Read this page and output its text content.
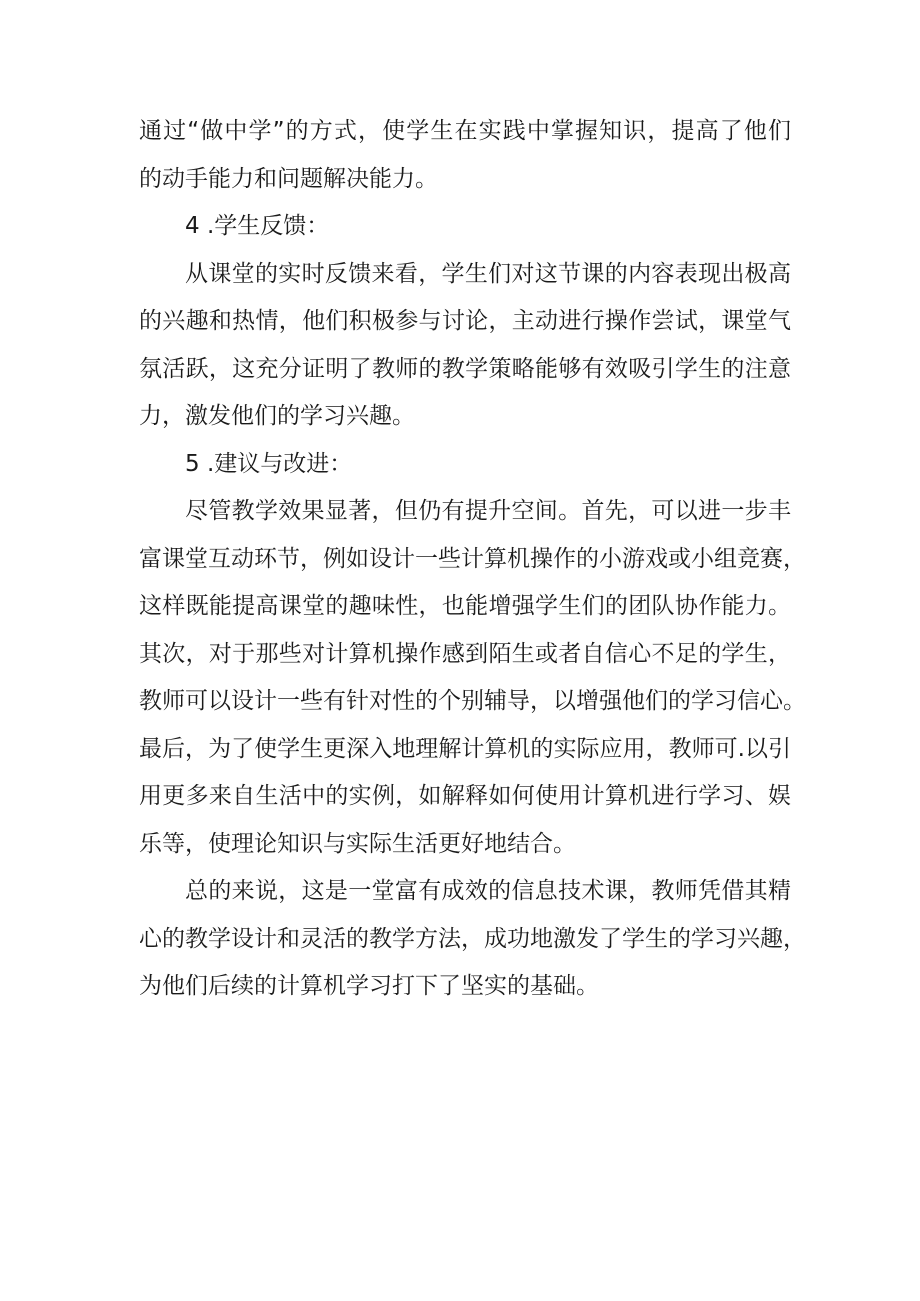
通过“做中学”的方式，使学生在实践中掌握知识，提高了他们
的动手能力和问题解决能力。
4 .学生反馈：
从课堂的实时反馈来看，学生们对这节课的内容表现出极高
的兴趣和热情，他们积极参与讨论，主动进行操作尝试，课堂气
氛活跃，这充分证明了教师的教学策略能够有效吸引学生的注意
力，激发他们的学习兴趣。
5 .建议与改进：
尽管教学效果显著，但仍有提升空间。首先，可以进一步丰
富课堂互动环节，例如设计一些计算机操作的小游戏或小组竞赛，
这样既能提高课堂的趣味性，也能增强学生们的团队协作能力。
其次，对于那些对计算机操作感到陌生或者自信心不足的学生，
教师可以设计一些有针对性的个别辅导，以增强他们的学习信心。
最后，为了使学生更深入地理解计算机的实际应用，教师可.以引
用更多来自生活中的实例，如解释如何使用计算机进行学习、娱
乐等，使理论知识与实际生活更好地结合。
总的来说，这是一堂富有成效的信息技术课，教师凭借其精
心的教学设计和灵活的教学方法，成功地激发了学生的学习兴趣，
为他们后续的计算机学习打下了坚实的基础。
